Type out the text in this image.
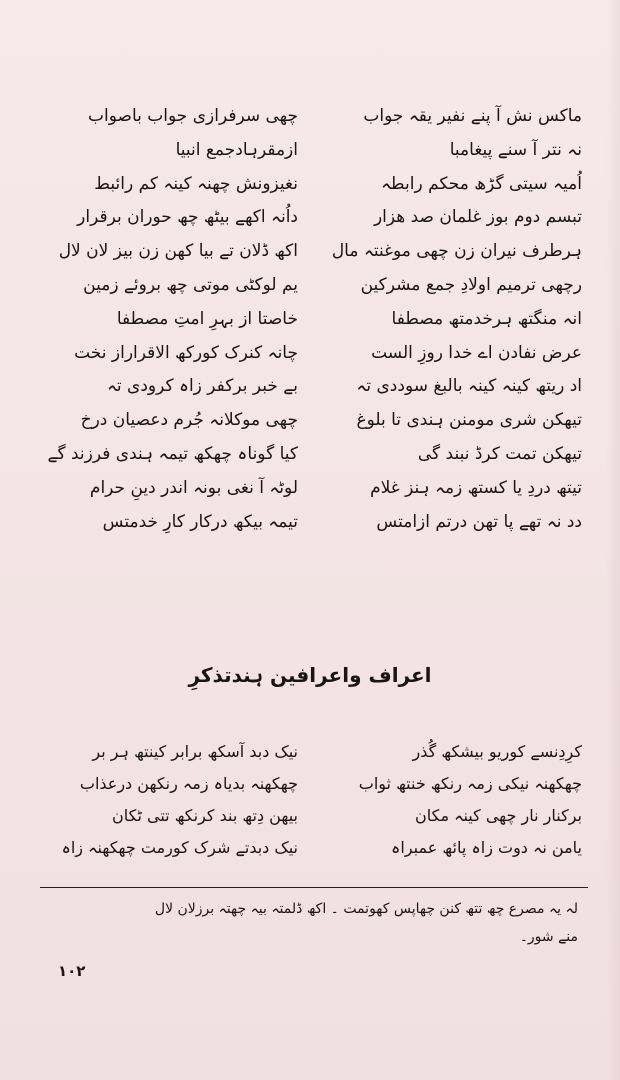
ماکس نش آ پنے نفیر یقہ جواب
نہ نتر آ سنے پیغامبا
اُمیہ سیتی گڑھ محکم رابطہ
تبسم دوم بوز غلمان صد ھزار
ہرطرف نیران زن چھی موغنتہ مال
رچھی ترمیم اولادِ جمع مشرکین
انہ منگتھ ہرخدمتھ مصطفا
عرض نفادن اے خدا روزِ الست
اد ریتھ کینہ کینہ بالبغ سوددی تہ
تیھکن شری مومنن ہندی تا بلوغ
تیھکن تمت کرڈ نبند گی
تیتھ دردِ یا کستھ زمہ ہنز غلام
دد نہ تھے پا تھن درتم ازامتس
چھی سرفرازی جواب باصواب
ازمقرہادجمع انبیا
نغیزونش چھنہ کینہ کم رائبط
داُنہ اکھے بیٹھ چھ حوران برقرار
اکھ ڈلان تے بیا کھن زن بیز لان لال
یم لوکٹی موتی چھ بروئے زمین
خاصتا از بہرِ امتِ مصطفا
چانہ کنرک کورکھ الاقراراز نخت
بے خبر برکفر زاہ کرودی تہ
چھی موکلانہ جُرم دعصیان درخ
کیا گوناہ چھکھ تیمہ ہندی فرزند گے
لوٹہ آ نغی بونہ اندر دینِ حرام
تیمہ بیکھ درکار کارِ خدمتس
اعراف واعرافین ہندتذکرِ
کرِدِنسے کوریو بیشکھ گُذر
چھکھنہ نیکی زمہ رنکھ خنتھ ثواب
برکنار نار چھی کینہ مکان
یامن نہ دوت زاہ پائھ عمبراہ
نیک دبد آسکھ برابر کینتھ ہر بر
چھکھنہ بدیاہ زمہ رنکھن درعذاب
بیھن دِتھ بند کرنکھ تتی ٹکان
نیک دبدتے شرک کورمت چھکھنہ زاہ
لہ یہ مصرع چھ تتھ کنن چھاپس کھوتمت ۔ اکھ ڈلمتہ بیہ چھتہ برزلان لال
منے شور۔
۱۰۲
